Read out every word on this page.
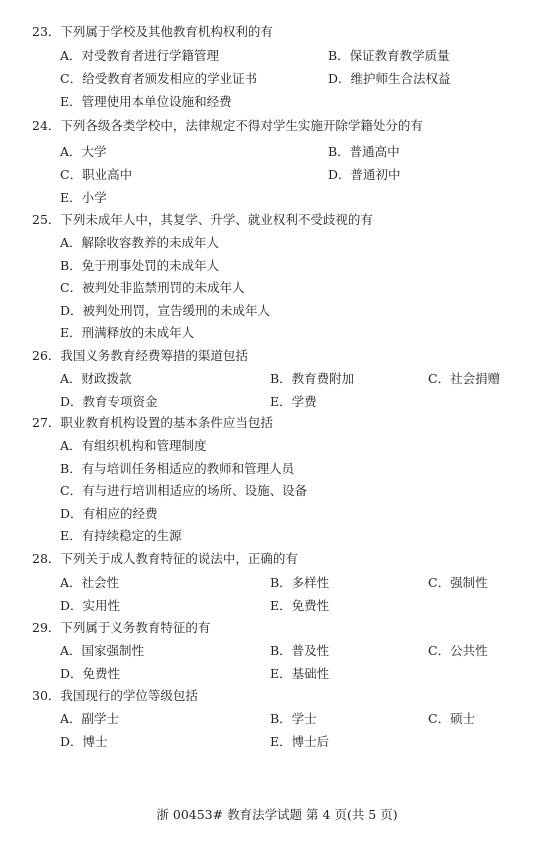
23．下列属于学校及其他教育机构权利的有
A．对受教育者进行学籍管理	B．保证教育教学质量
C．给受教育者颁发相应的学业证书	D．维护师生合法权益
E．管理使用本单位设施和经费
24．下列各级各类学校中，法律规定不得对学生实施开除学籍处分的有
A．大学	B．普通高中
C．职业高中	D．普通初中
E．小学
25．下列未成年人中，其复学、升学、就业权利不受歧视的有
A．解除收容教养的未成年人
B．免于刑事处罚的未成年人
C．被判处非监禁刑罚的未成年人
D．被判处刑罚，宣告缓刑的未成年人
E．刑满释放的未成年人
26．我国义务教育经费筹措的渠道包括
A．财政拨款	B．教育费附加	C．社会捐赠
D．教育专项资金	E．学费
27．职业教育机构设置的基本条件应当包括
A．有组织机构和管理制度
B．有与培训任务相适应的教师和管理人员
C．有与进行培训相适应的场所、设施、设备
D．有相应的经费
E．有持续稳定的生源
28．下列关于成人教育特征的说法中，正确的有
A．社会性	B．多样性	C．强制性
D．实用性	E．免费性
29．下列属于义务教育特征的有
A．国家强制性	B．普及性	C．公共性
D．免费性	E．基础性
30．我国现行的学位等级包括
A．副学士	B．学士	C．硕士
D．博士	E．博士后
浙 00453# 教育法学试题 第 4 页(共 5 页)
